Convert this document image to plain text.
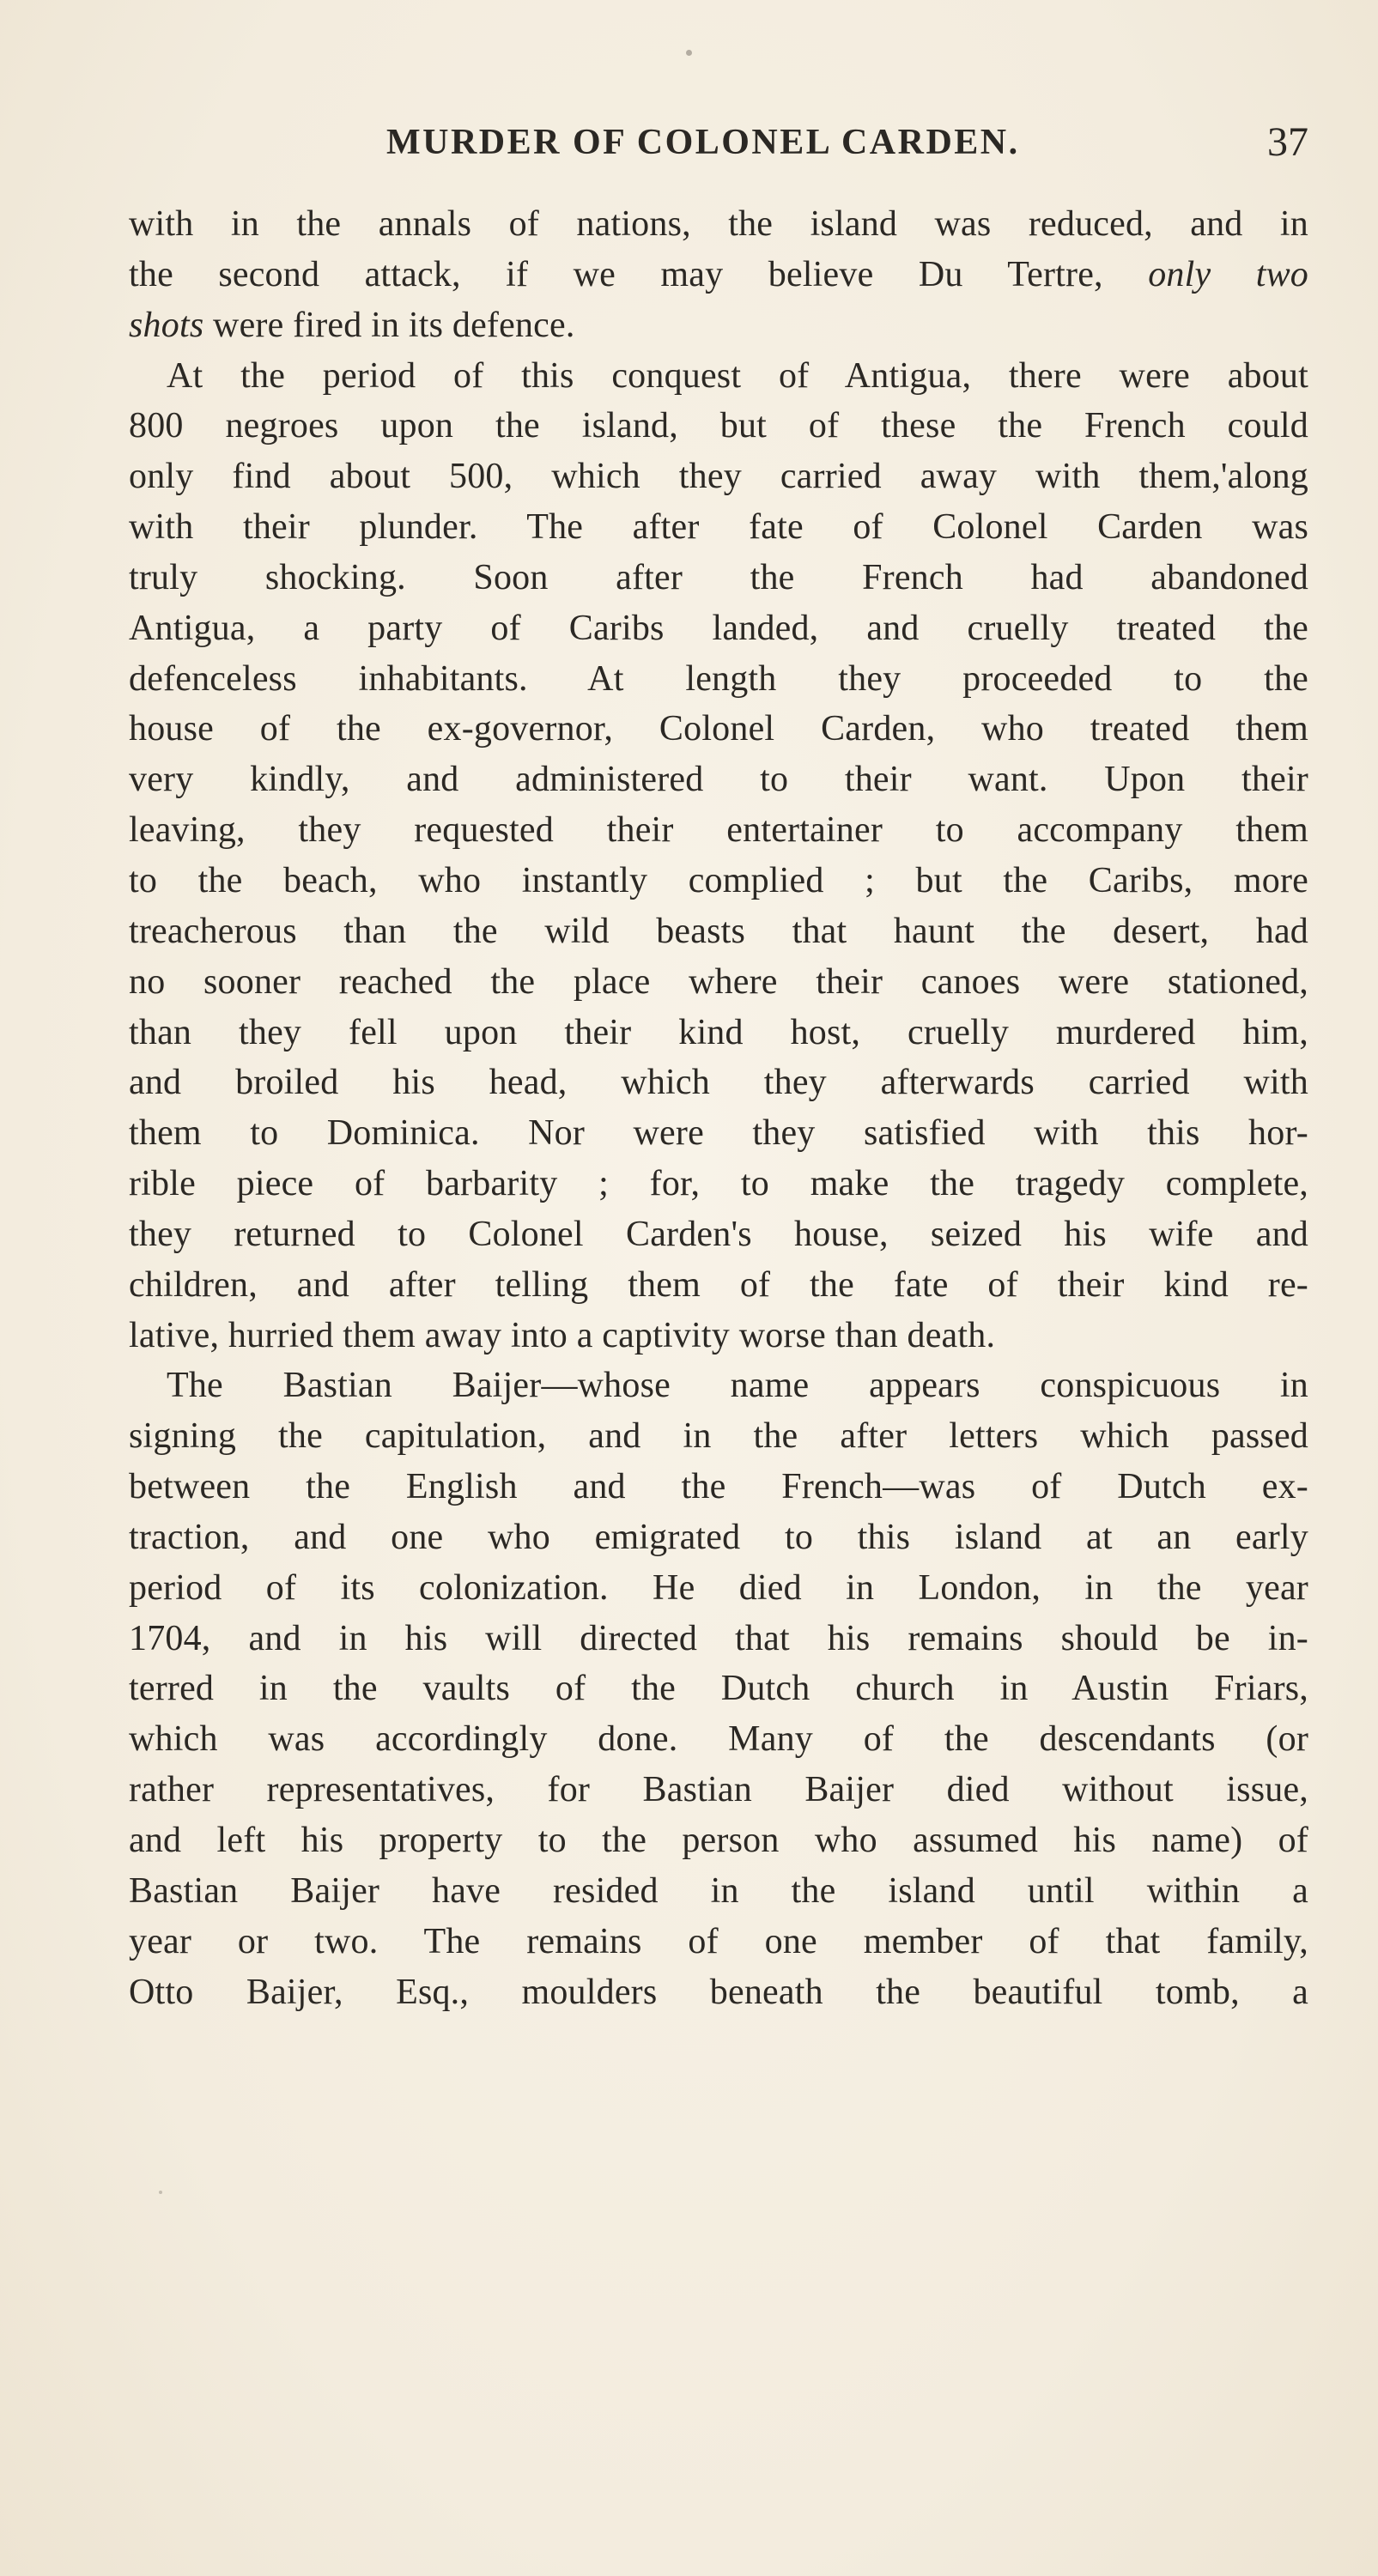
MURDER OF COLONEL CARDEN.	37
with in the annals of nations, the island was reduced, and in
the second attack, if we may believe Du Tertre, only two
shots were fired in its defence.
At the period of this conquest of Antigua, there were about
800 negroes upon the island, but of these the French could
only find about 500, which they carried away with them,'along
with their plunder. The after fate of Colonel Carden was
truly shocking. Soon after the French had abandoned
Antigua, a party of Caribs landed, and cruelly treated the
defenceless inhabitants. At length they proceeded to the
house of the ex-governor, Colonel Carden, who treated them
very kindly, and administered to their want. Upon their
leaving, they requested their entertainer to accompany them
to the beach, who instantly complied ; but the Caribs, more
treacherous than the wild beasts that haunt the desert, had
no sooner reached the place where their canoes were stationed,
than they fell upon their kind host, cruelly murdered him,
and broiled his head, which they afterwards carried with
them to Dominica. Nor were they satisfied with this hor-
rible piece of barbarity ; for, to make the tragedy complete,
they returned to Colonel Carden's house, seized his wife and
children, and after telling them of the fate of their kind re-
lative, hurried them away into a captivity worse than death.
The Bastian Baijer—whose name appears conspicuous in
signing the capitulation, and in the after letters which passed
between the English and the French—was of Dutch ex-
traction, and one who emigrated to this island at an early
period of its colonization. He died in London, in the year
1704, and in his will directed that his remains should be in-
terred in the vaults of the Dutch church in Austin Friars,
which was accordingly done. Many of the descendants (or
rather representatives, for Bastian Baijer died without issue,
and left his property to the person who assumed his name) of
Bastian Baijer have resided in the island until within a
year or two. The remains of one member of that family,
Otto Baijer, Esq., moulders beneath the beautiful tomb, a
